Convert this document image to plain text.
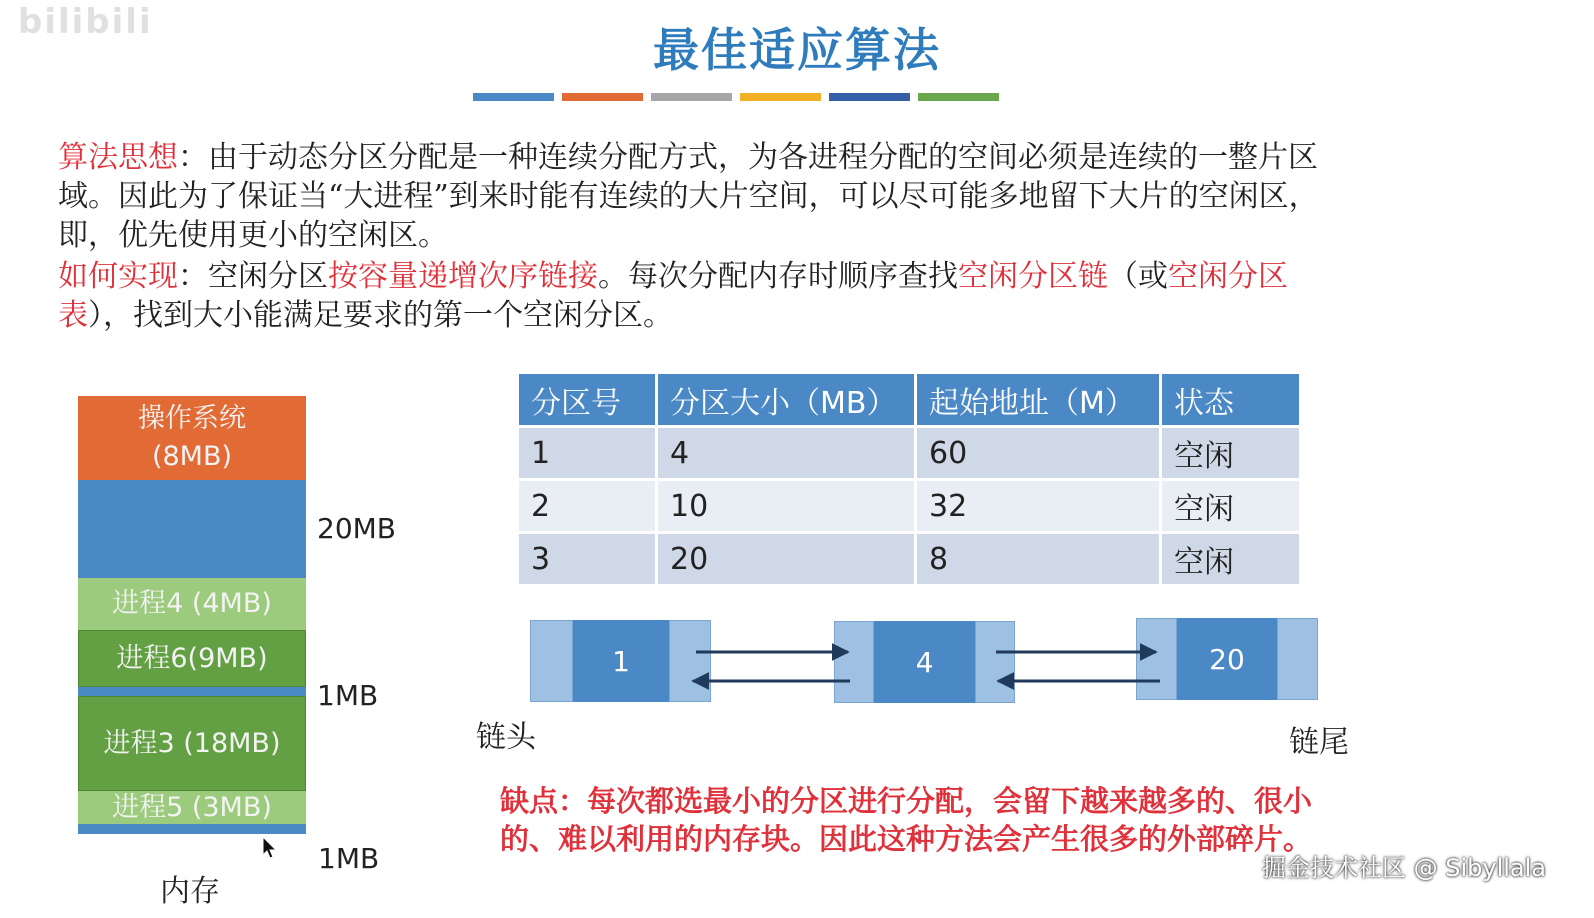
bilibili
最佳适应算法
算法思想：由于动态分区分配是一种连续分配方式，为各进程分配的空间必须是连续的一整片区
域。因此为了保证当“大进程”到来时能有连续的大片空间，可以尽可能多地留下大片的空闲区，
即，优先使用更小的空闲区。
如何实现：空闲分区按容量递增次序链接。每次分配内存时顺序查找空闲分区链（或空闲分区
表），找到大小能满足要求的第一个空闲分区。
操作系统
(8MB)
进程4 (4MB)
进程6(9MB)
进程3 (18MB)
进程5 (3MB)
20MB
1MB
1MB
内存
分区号	分区大小（MB）	起始地址（M）	状态
1	4	60	空闲
2	10	32	空闲
3	20	8	空闲
1	4	20
链头	链尾
缺点：每次都选最小的分区进行分配，会留下越来越多的、很小
的、难以利用的内存块。因此这种方法会产生很多的外部碎片。
掘金技术社区 @ Sibyllala
